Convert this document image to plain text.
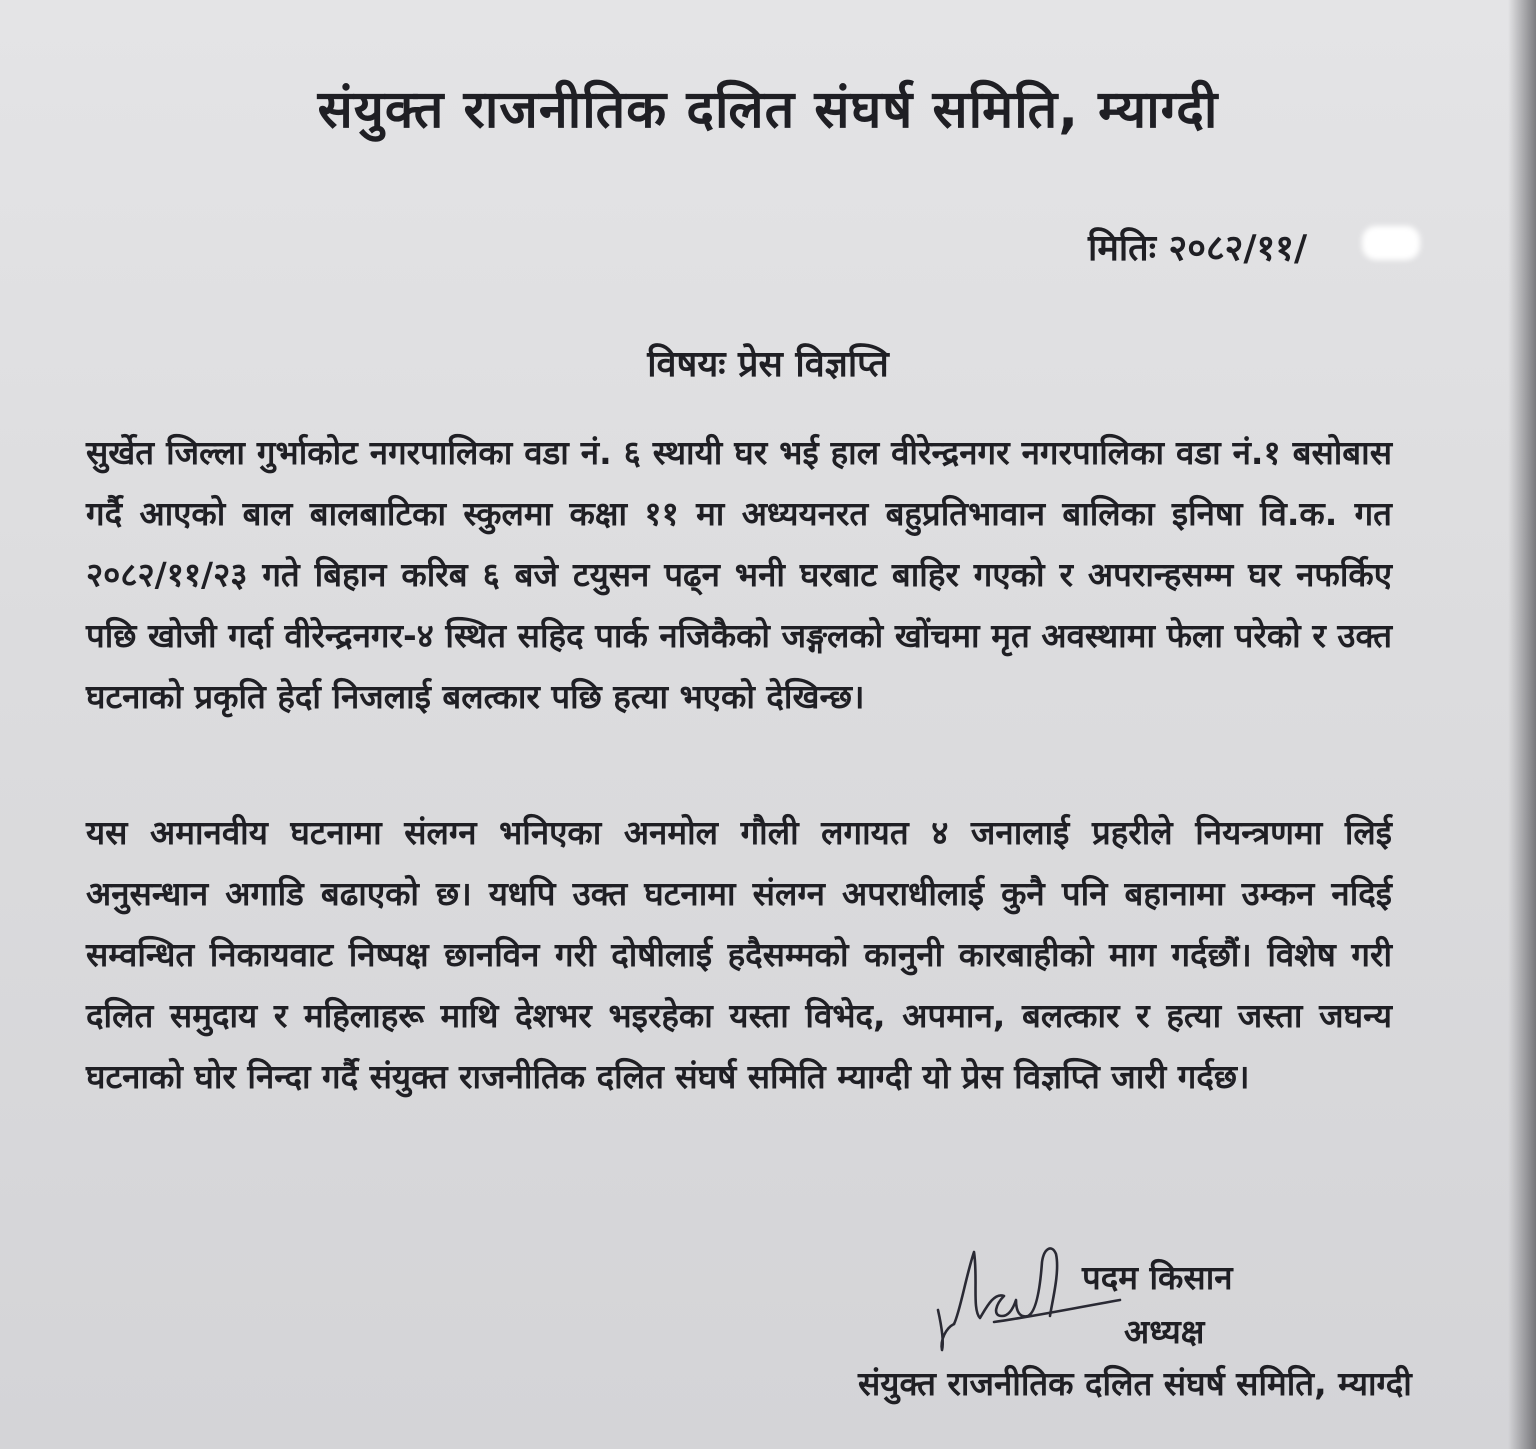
संयुक्त राजनीतिक दलित संघर्ष समिति, म्याग्दी
मितिः २०८२/११/
विषयः प्रेस विज्ञप्ति

सुर्खेत जिल्ला गुर्भाकोट नगरपालिका वडा नं. ६ स्थायी घर भई हाल वीरेन्द्रनगर नगरपालिका वडा नं.१ बसोबास गर्दै आएको बाल बालबाटिका स्कुलमा कक्षा ११ मा अध्ययनरत बहुप्रतिभावान बालिका इनिषा वि.क. गत २०८२/११/२३ गते बिहान करिब ६ बजे टयुसन पढ्न भनी घरबाट बाहिर गएको र अपरान्हसम्म घर नफर्किए पछि खोजी गर्दा वीरेन्द्रनगर-४ स्थित सहिद पार्क नजिकैको जङ्गलको खोंचमा मृत अवस्थामा फेला परेको र उक्त घटनाको प्रकृति हेर्दा निजलाई बलत्कार पछि हत्या भएको देखिन्छ।

यस अमानवीय घटनामा संलग्न भनिएका अनमोल गौली लगायत ४ जनालाई प्रहरीले नियन्त्रणमा लिई अनुसन्धान अगाडि बढाएको छ। यधपि उक्त घटनामा संलग्न अपराधीलाई कुनै पनि बहानामा उम्कन नदिई सम्वन्धित निकायवाट निष्पक्ष छानविन गरी दोषीलाई हदैसम्मको कानुनी कारबाहीको माग गर्दछौं। विशेष गरी दलित समुदाय र महिलाहरू माथि देशभर भइरहेका यस्ता विभेद, अपमान, बलत्कार र हत्या जस्ता जघन्य घटनाको घोर निन्दा गर्दै संयुक्त राजनीतिक दलित संघर्ष समिति म्याग्दी यो प्रेस विज्ञप्ति जारी गर्दछ।

पदम किसान
अध्यक्ष
संयुक्त राजनीतिक दलित संघर्ष समिति, म्याग्दी
